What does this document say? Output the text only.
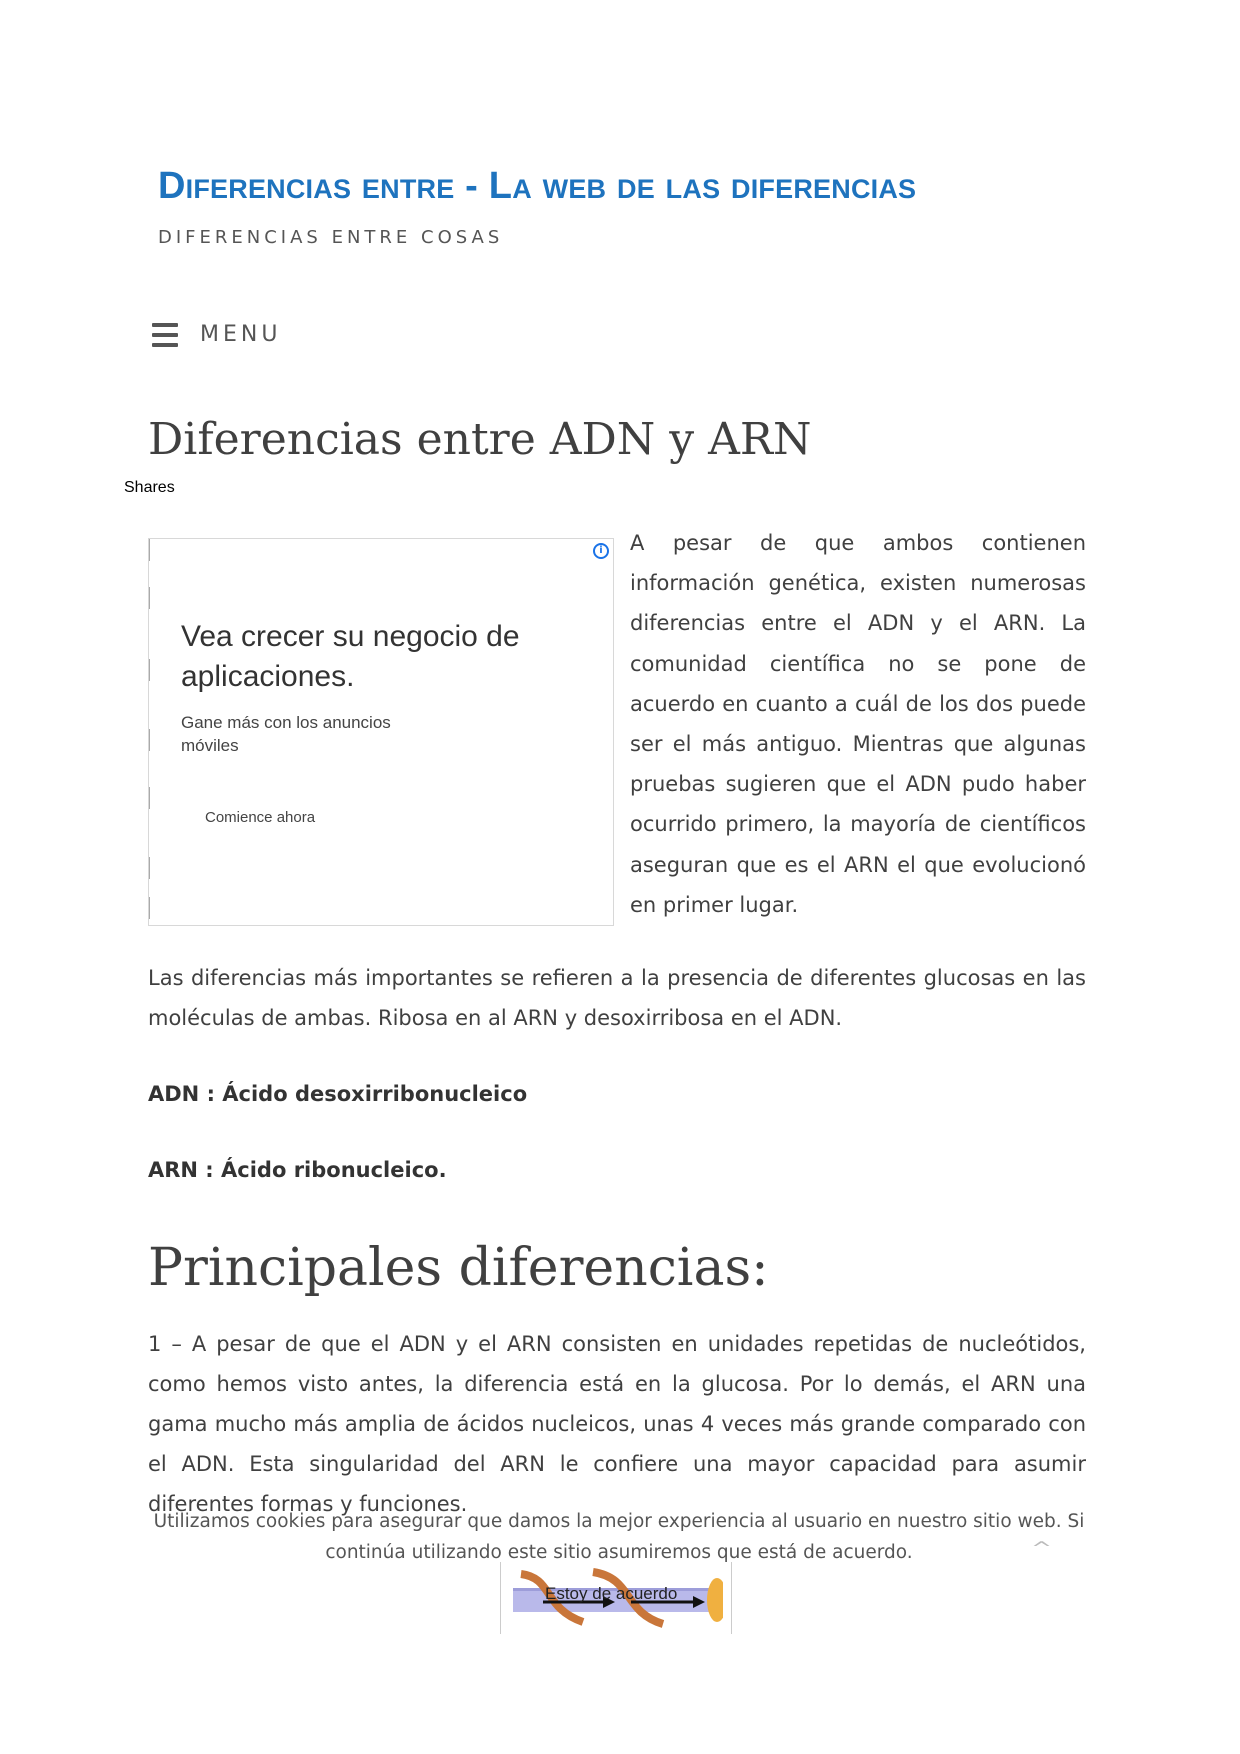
Diferencias entre - La web de las diferencias
DIFERENCIAS ENTRE COSAS
MENU
Diferencias entre ADN y ARN
Shares
i
Vea crecer su negocio de aplicaciones.
Gane más con los anuncios móviles
Comience ahora

A pesar de que ambos contienen información genética, existen numerosas diferencias entre el ADN y el ARN. La comunidad científica no se pone de acuerdo en cuanto a cuál de los dos puede ser el más antiguo. Mientras que algunas pruebas sugieren que el ADN pudo haber ocurrido primero, la mayoría de científicos aseguran que es el ARN el que evolucionó en primer lugar.

Las diferencias más importantes se refieren a la presencia de diferentes glucosas en las moléculas de ambas. Ribosa en al ARN y desoxirribosa en el ADN.

ADN : Ácido desoxirribonucleico
ARN : Ácido ribonucleico.
Principales diferencias:

1 – A pesar de que el ADN y el ARN consisten en unidades repetidas de nucleótidos, como hemos visto antes, la diferencia está en la glucosa. Por lo demás, el ARN una gama mucho más amplia de ácidos nucleicos, unas 4 veces más grande comparado con el ADN. Esta singularidad del ARN le confiere una mayor capacidad para asumir diferentes formas y funciones.

Utilizamos cookies para asegurar que damos la mejor experiencia al usuario en nuestro sitio web. Si continúa utilizando este sitio asumiremos que está de acuerdo.	^
Estoy de acuerdo
